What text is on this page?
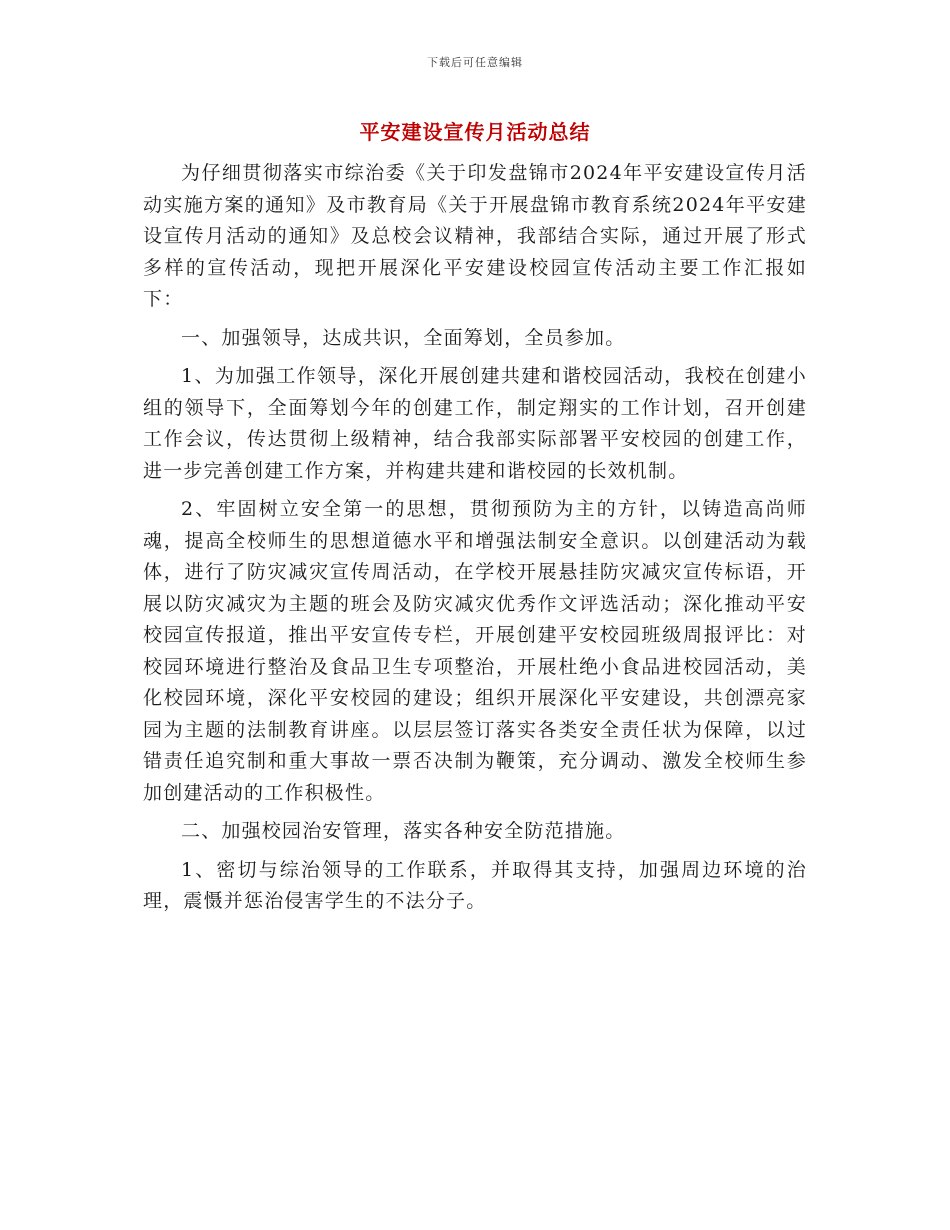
下载后可任意编辑
平安建设宣传月活动总结

为仔细贯彻落实市综治委《关于印发盘锦市2024年平安建设宣传月活动实施方案的通知》及市教育局《关于开展盘锦市教育系统2024年平安建设宣传月活动的通知》及总校会议精神，我部结合实际，通过开展了形式多样的宣传活动，现把开展深化平安建设校园宣传活动主要工作汇报如下：

一、加强领导，达成共识，全面筹划，全员参加。

1、为加强工作领导，深化开展创建共建和谐校园活动，我校在创建小组的领导下，全面筹划今年的创建工作，制定翔实的工作计划，召开创建工作会议，传达贯彻上级精神，结合我部实际部署平安校园的创建工作，进一步完善创建工作方案，并构建共建和谐校园的长效机制。

2、牢固树立安全第一的思想，贯彻预防为主的方针，以铸造高尚师魂，提高全校师生的思想道德水平和增强法制安全意识。以创建活动为载体，进行了防灾减灾宣传周活动，在学校开展悬挂防灾减灾宣传标语，开展以防灾减灾为主题的班会及防灾减灾优秀作文评选活动；深化推动平安校园宣传报道，推出平安宣传专栏，开展创建平安校园班级周报评比：对校园环境进行整治及食品卫生专项整治，开展杜绝小食品进校园活动，美化校园环境，深化平安校园的建设；组织开展深化平安建设，共创漂亮家园为主题的法制教育讲座。以层层签订落实各类安全责任状为保障，以过错责任追究制和重大事故一票否决制为鞭策，充分调动、激发全校师生参加创建活动的工作积极性。

二、加强校园治安管理，落实各种安全防范措施。

1、密切与综治领导的工作联系，并取得其支持，加强周边环境的治理，震慑并惩治侵害学生的不法分子。
